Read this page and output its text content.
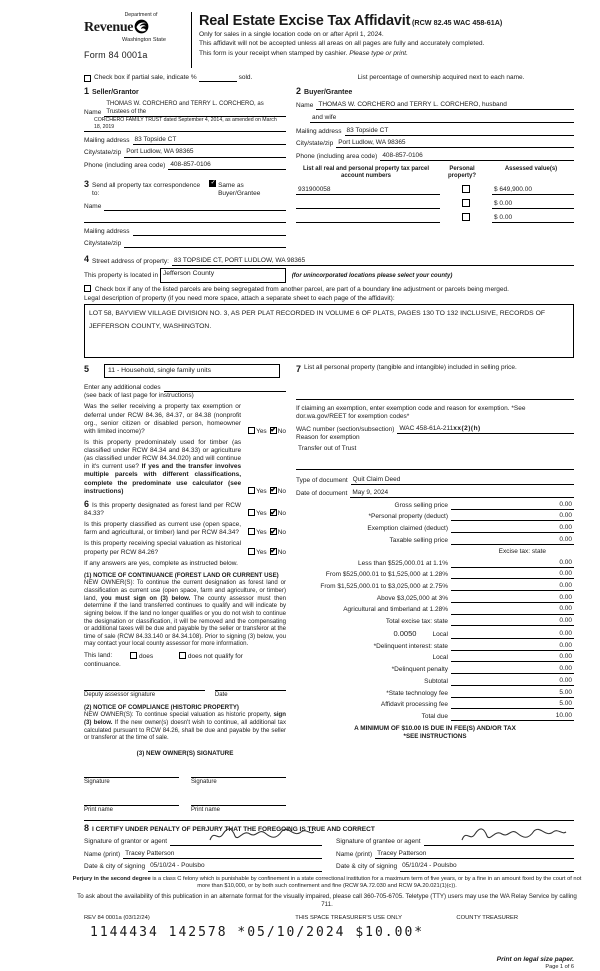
Department of
Revenue
Washington State
Form 84 0001a
Real Estate Excise Tax Affidavit (RCW 82.45 WAC 458-61A)
Only for sales in a single location code on or after April 1, 2024.
This affidavit will not be accepted unless all areas on all pages are fully and accurately completed.
This form is your receipt when stamped by cashier. Please type or print.
Check box if partial sale, indicate %	sold.	List percentage of ownership acquired next to each name.
1 Seller/Grantor
Name
THOMAS W. CORCHERO and TERRY L. CORCHERO, as Trustees of the
CORCHERO FAMILY TRUST dated September 4, 2014, as amended on March 18, 2019
Mailing address 83 Topside CT
City/state/zip Port Ludlow, WA 98365
Phone (including area code) 408-857-0106
3 Send all property tax correspondence to:
✓
Same as Buyer/Grantee
Name
Mailing address
City/state/zip
2 Buyer/Grantee
Name THOMAS W. CORCHERO and TERRY L. CORCHERO, husband
and wife
Mailing address 83 Topside CT
City/state/zip Port Ludlow, WA 98365
Phone (including area code) 408-857-0106
List all real and personal property tax parcel account numbers
Personal property?
Assessed value(s)
931900058	$ 649,900.00
$ 0.00
$ 0.00
4 Street address of property: 83 TOPSIDE CT, PORT LUDLOW, WA 98365
This property is located in Jefferson County	(for unincorporated locations please select your county)
Check box if any of the listed parcels are being segregated from another parcel, are part of a boundary line adjustment or parcels being merged.
Legal description of property (if you need more space, attach a separate sheet to each page of the affidavit):
LOT 58, BAYVIEW VILLAGE DIVISION NO. 3, AS PER PLAT RECORDED IN VOLUME 6 OF PLATS, PAGES 130 TO 132 INCLUSIVE, RECORDS OF JEFFERSON COUNTY, WASHINGTON.
5	11 - Household, single family units
Enter any additional codes
(see back of last page for instructions)
Was the seller receiving a property tax exemption or deferral under RCW 84.36, 84.37, or 84.38 (nonprofit org., senior citizen or disabled person, homeowner with limited income)?	Yes ✔ No
Is this property predominately used for timber (as classified under RCW 84.34 and 84.33) or agriculture (as classified under RCW 84.34.020) and will continue in it's current use? If yes and the transfer involves multiple parcels with different classifications, complete the predominate use calculator (see instructions)	Yes ✔ No
6 Is this property designated as forest land per RCW 84.33?	Yes ✔ No
Is this property classified as current use (open space, farm and agricultural, or timber) land per RCW 84.34?	Yes ✔ No
Is this property receiving special valuation as historical property per RCW 84.26?	Yes ✔ No
If any answers are yes, complete as instructed below.
(1) NOTICE OF CONTINUANCE (FOREST LAND OR CURRENT USE)
NEW OWNER(S): To continue the current designation as forest land or classification as current use (open space, farm and agriculture, or timber) land, you must sign on (3) below. The county assessor must then determine if the land transferred continues to qualify and will indicate by signing below. If the land no longer qualifies or you do not wish to continue the designation or classification, it will be removed and the compensating or additional taxes will be due and payable by the seller or transferor at the time of sale (RCW 84.33.140 or 84.34.108). Prior to signing (3) below, you may contact your local county assessor for more information.
This land:	does	does not qualify for
continuance.
Deputy assessor signature	Date
(2) NOTICE OF COMPLIANCE (HISTORIC PROPERTY)
NEW OWNER(S): To continue special valuation as historic property, sign (3) below. If the new owner(s) doesn't wish to continue, all additional tax calculated pursuant to RCW 84.26, shall be due and payable by the seller or transferor at the time of sale.
(3) NEW OWNER(S) SIGNATURE
Signature	Signature
Print name	Print name
7 List all personal property (tangible and intangible) included in selling price.
If claiming an exemption, enter exemption code and reason for exemption. *See dor.wa.gov/REET for exemption codes*
WAC number (section/subsection) WAC 458-61A-211xx(2)(h)
Reason for exemption
Transfer out of Trust
Type of document Quit Claim Deed
Date of document May 9, 2024
Gross selling price	0.00
*Personal property (deduct)	0.00
Exemption claimed (deduct)	0.00
Taxable selling price	0.00
Excise tax: state
Less than $525,000.01 at 1.1%	0.00
From $525,000.01 to $1,525,000 at 1.28%	0.00
From $1,525,000.01 to $3,025,000 at 2.75%	0.00
Above $3,025,000 at 3%	0.00
Agricultural and timberland at 1.28%	0.00
Total excise tax: state	0.00
0.0050 Local	0.00
*Delinquent interest: state	0.00
Local	0.00
*Delinquent penalty	0.00
Subtotal	0.00
*State technology fee	5.00
Affidavit processing fee	5.00
Total due	10.00
A MINIMUM OF $10.00 IS DUE IN FEE(S) AND/OR TAX
*SEE INSTRUCTIONS
8 I CERTIFY UNDER PENALTY OF PERJURY THAT THE FOREGOING IS TRUE AND CORRECT
Signature of grantor or agent
Name (print) Tracey Patterson
Date & city of signing 05/10/24 - Poulsbo
Signature of grantee or agent
Name (print) Tracey Patterson
Date & city of signing 05/10/24 - Poulsbo
Perjury in the second degree is a class C felony which is punishable by confinement in a state correctional institution for a maximum term of five years, or by a fine in an amount fixed by the court of not more than $10,000, or by both such confinement and fine (RCW 9A.72.030 and RCW 9A.20.021(1)(c)).
To ask about the availability of this publication in an alternate format for the visually impaired, please call 360-705-6705. Teletype (TTY) users may use the WA Relay Service by calling 711.
REV 84 0001a (03/12/24)	THIS SPACE TREASURER'S USE ONLY	COUNTY TREASURER
1144434 142578 *05/10/2024 $10.00*
Print on legal size paper.
Page 1 of 6
